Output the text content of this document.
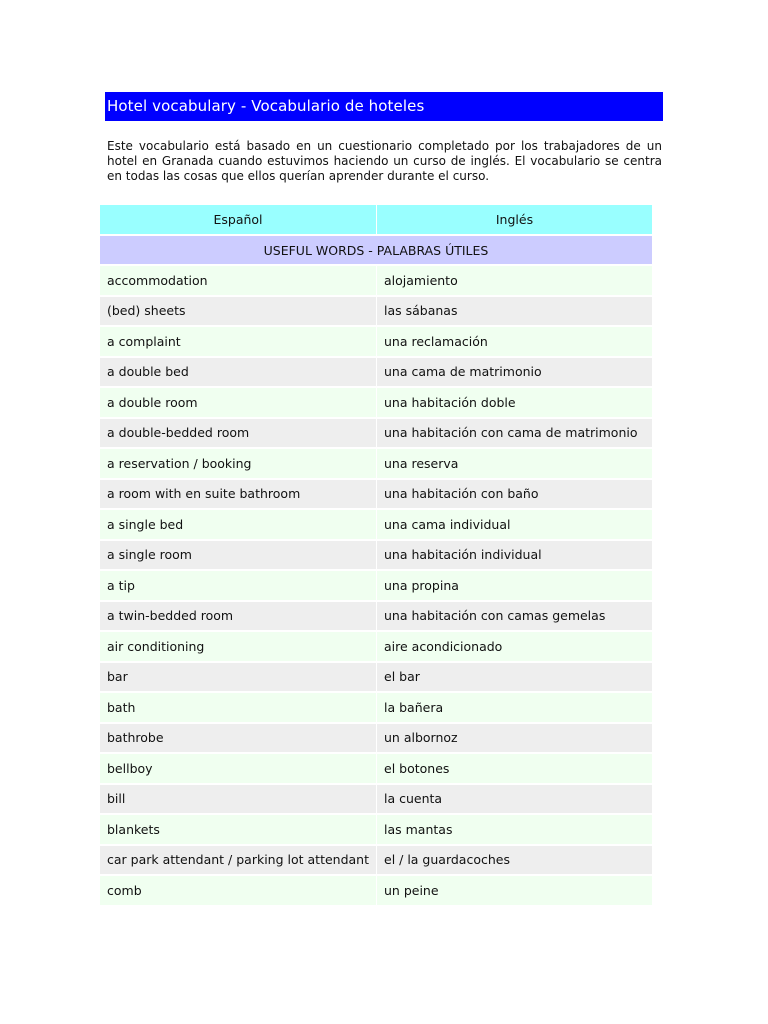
Hotel vocabulary - Vocabulario de hoteles

Este vocabulario está basado en un cuestionario completado por los trabajadores de un hotel en Granada cuando estuvimos haciendo un curso de inglés. El vocabulario se centra en todas las cosas que ellos querían aprender durante el curso.

Español	Inglés
USEFUL WORDS - PALABRAS ÚTILES	
accommodation	alojamiento
(bed) sheets	las sábanas
a complaint	una reclamación
a double bed	una cama de matrimonio
a double room	una habitación doble
a double-bedded room	una habitación con cama de matrimonio
a reservation / booking	una reserva
a room with en suite bathroom	una habitación con baño
a single bed	una cama individual
a single room	una habitación individual
a tip	una propina
a twin-bedded room	una habitación con camas gemelas
air conditioning	aire acondicionado
bar	el bar
bath	la bañera
bathrobe	un albornoz
bellboy	el botones
bill	la cuenta
blankets	las mantas
car park attendant / parking lot attendant	el / la guardacoches
comb	un peine
